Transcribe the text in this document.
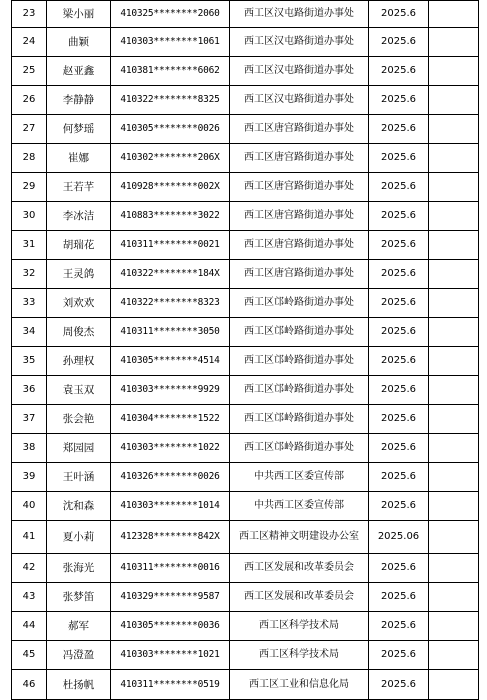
23	梁小丽	410325********2060	西工区汉屯路街道办事处	2025.6	
24	曲颖	410303********1061	西工区汉屯路街道办事处	2025.6	
25	赵亚鑫	410381********6062	西工区汉屯路街道办事处	2025.6	
26	李静静	410322********8325	西工区汉屯路街道办事处	2025.6	
27	何梦瑶	410305********0026	西工区唐宫路街道办事处	2025.6	
28	崔娜	410302********206X	西工区唐宫路街道办事处	2025.6	
29	王若芊	410928********002X	西工区唐宫路街道办事处	2025.6	
30	李冰洁	410883********3022	西工区唐宫路街道办事处	2025.6	
31	胡瑞花	410311********0021	西工区唐宫路街道办事处	2025.6	
32	王灵鸽	410322********184X	西工区唐宫路街道办事处	2025.6	
33	刘欢欢	410322********8323	西工区邙岭路街道办事处	2025.6	
34	周俊杰	410311********3050	西工区邙岭路街道办事处	2025.6	
35	孙理权	410305********4514	西工区邙岭路街道办事处	2025.6	
36	袁玉双	410303********9929	西工区邙岭路街道办事处	2025.6	
37	张会艳	410304********1522	西工区邙岭路街道办事处	2025.6	
38	郑园园	410303********1022	西工区邙岭路街道办事处	2025.6	
39	王叶涵	410326********0026	中共西工区委宣传部	2025.6	
40	沈和森	410303********1014	中共西工区委宣传部	2025.6	
41	夏小莉	412328********842X	西工区精神文明建设办公室	2025.06	
42	张海光	410311********0016	西工区发展和改革委员会	2025.6	
43	张梦笛	410329********9587	西工区发展和改革委员会	2025.6	
44	郝军	410305********0036	西工区科学技术局	2025.6	
45	冯澄盈	410303********1021	西工区科学技术局	2025.6	
46	杜扬帆	410311********0519	西工区工业和信息化局	2025.6	
